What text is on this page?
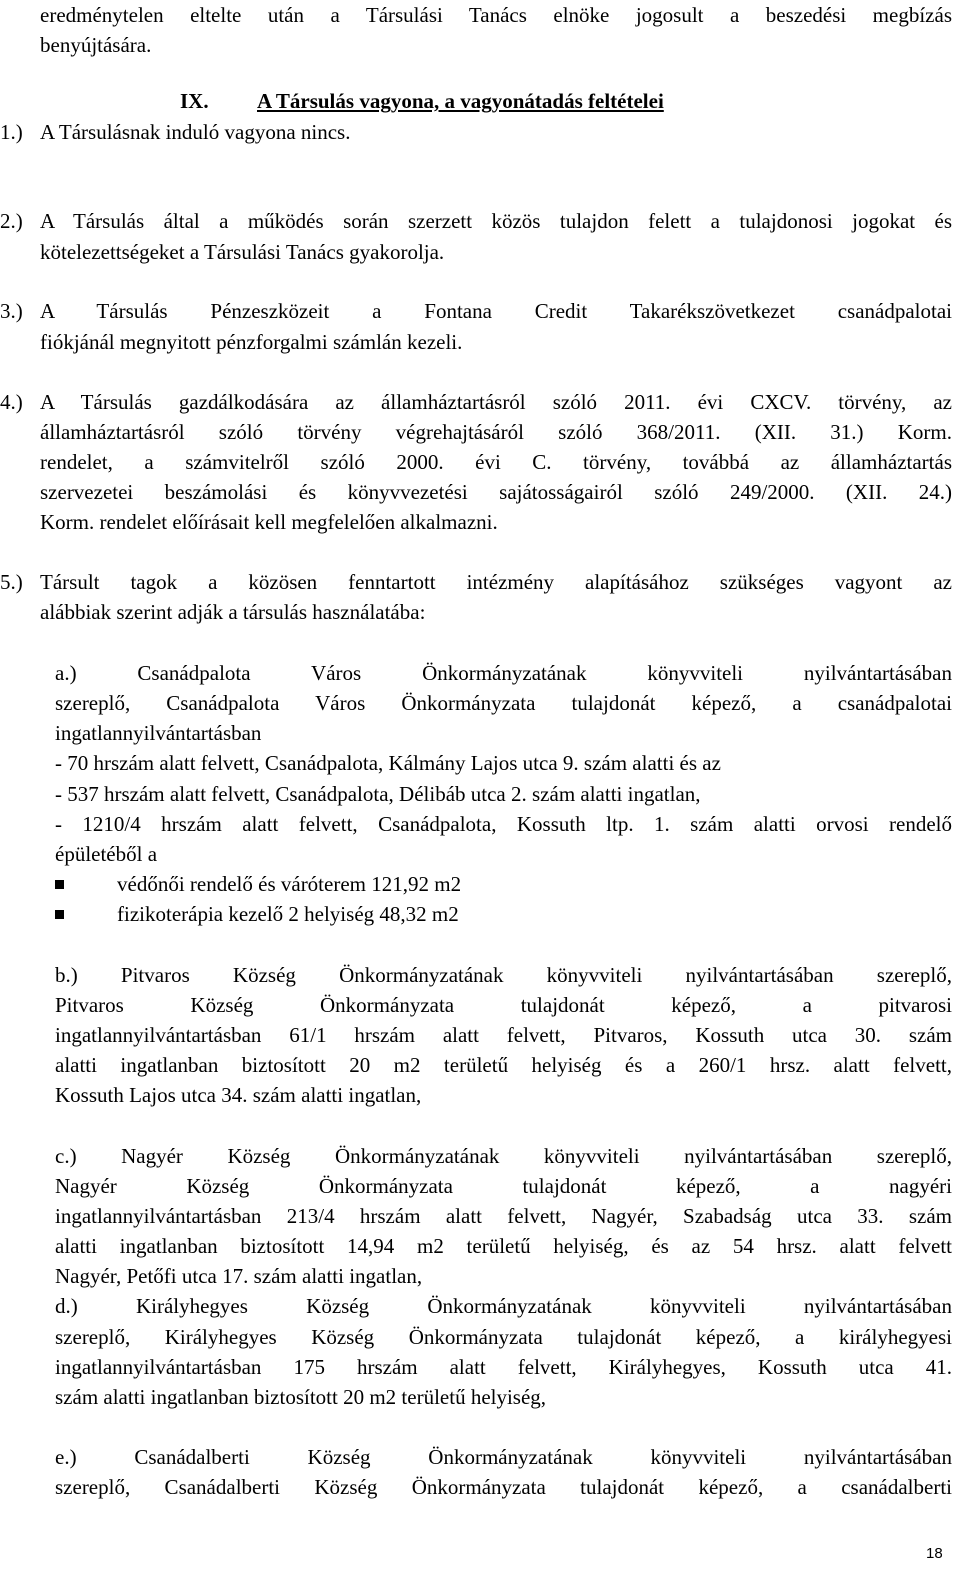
eredménytelen eltelte után a Társulási Tanács elnöke jogosult a beszedési megbízás
benyújtására.
IX. A Társulás vagyona, a vagyonátadás feltételei
1.) A Társulásnak induló vagyona nincs.
2.) A Társulás által a működés során szerzett közös tulajdon felett a tulajdonosi jogokat és
kötelezettségeket a Társulási Tanács gyakorolja.
3.) A Társulás Pénzeszközeit a Fontana Credit Takarékszövetkezet csanádpalotai
fiókjánál megnyitott pénzforgalmi számlán kezeli.
4.) A Társulás gazdálkodására az államháztartásról szóló 2011. évi CXCV. törvény, az
államháztartásról szóló törvény végrehajtásáról szóló 368/2011. (XII. 31.) Korm.
rendelet, a számvitelről szóló 2000. évi C. törvény, továbbá az államháztartás
szervezetei beszámolási és könyvvezetési sajátosságairól szóló 249/2000. (XII. 24.)
Korm. rendelet előírásait kell megfelelően alkalmazni.
5.) Társult tagok a közösen fenntartott intézmény alapításához szükséges vagyont az
alábbiak szerint adják a társulás használatába:
a.) Csanádpalota Város Önkormányzatának könyvviteli nyilvántartásában
szereplő, Csanádpalota Város Önkormányzata tulajdonát képező, a csanádpalotai
ingatlannyilvántartásban
- 70 hrszám alatt felvett, Csanádpalota, Kálmány Lajos utca 9. szám alatti és az
- 537 hrszám alatt felvett, Csanádpalota, Délibáb utca 2. szám alatti ingatlan,
- 1210/4 hrszám alatt felvett, Csanádpalota, Kossuth ltp. 1. szám alatti orvosi rendelő
épületéből a
védőnői rendelő és váróterem 121,92 m2
fizikoterápia kezelő 2 helyiség 48,32 m2
b.) Pitvaros Község Önkormányzatának könyvviteli nyilvántartásában szereplő,
Pitvaros Község Önkormányzata tulajdonát képező, a pitvarosi
ingatlannyilvántartásban 61/1 hrszám alatt felvett, Pitvaros, Kossuth utca 30. szám
alatti ingatlanban biztosított 20 m2 területű helyiség és a 260/1 hrsz. alatt felvett,
Kossuth Lajos utca 34. szám alatti ingatlan,
c.) Nagyér Község Önkormányzatának könyvviteli nyilvántartásában szereplő,
Nagyér Község Önkormányzata tulajdonát képező, a nagyéri
ingatlannyilvántartásban 213/4 hrszám alatt felvett, Nagyér, Szabadság utca 33. szám
alatti ingatlanban biztosított 14,94 m2 területű helyiség, és az 54 hrsz. alatt felvett
Nagyér, Petőfi utca 17. szám alatti ingatlan,
d.) Királyhegyes Község Önkormányzatának könyvviteli nyilvántartásában
szereplő, Királyhegyes Község Önkormányzata tulajdonát képező, a királyhegyesi
ingatlannyilvántartásban 175 hrszám alatt felvett, Királyhegyes, Kossuth utca 41.
szám alatti ingatlanban biztosított 20 m2 területű helyiség,
e.) Csanádalberti Község Önkormányzatának könyvviteli nyilvántartásában
szereplő, Csanádalberti Község Önkormányzata tulajdonát képező, a csanádalberti
18
